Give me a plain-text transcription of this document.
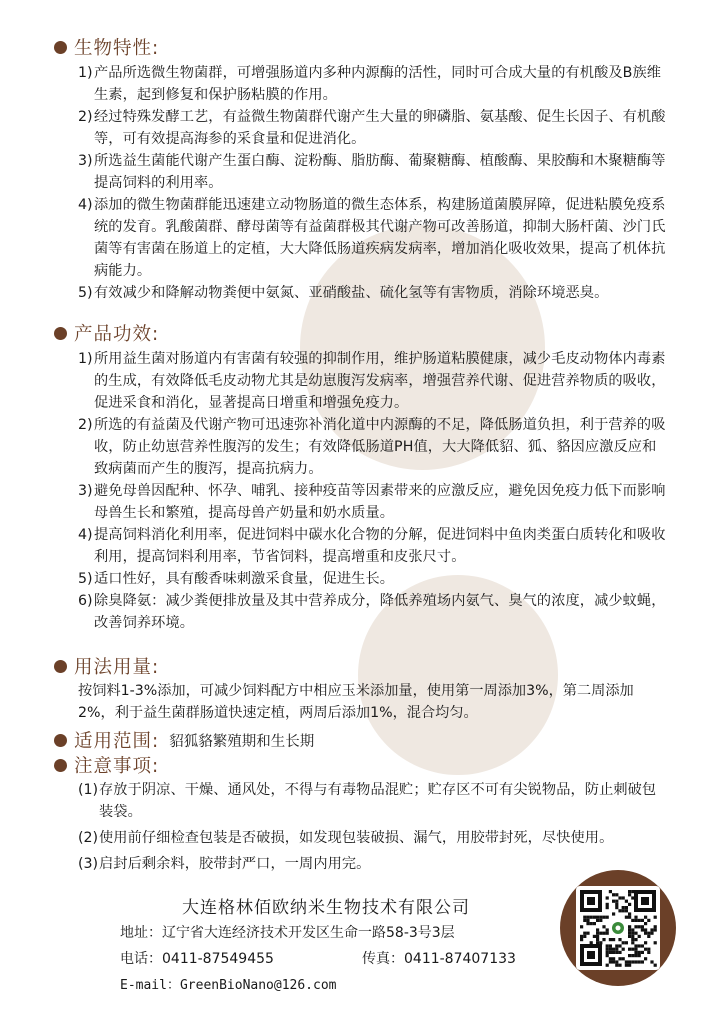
生物特性:
1) 产品所选微生物菌群，可增强肠道内多种内源酶的活性，同时可合成大量的有机酸及B族维生素，起到修复和保护肠粘膜的作用。
2) 经过特殊发酵工艺，有益微生物菌群代谢产生大量的卵磷脂、氨基酸、促生长因子、有机酸等，可有效提高海参的采食量和促进消化。
3) 所选益生菌能代谢产生蛋白酶、淀粉酶、脂肪酶、葡聚糖酶、植酸酶、果胶酶和木聚糖酶等提高饲料的利用率。
4) 添加的微生物菌群能迅速建立动物肠道的微生态体系，构建肠道菌膜屏障，促进粘膜免疫系统的发育。乳酸菌群、酵母菌等有益菌群极其代谢产物可改善肠道，抑制大肠杆菌、沙门氏菌等有害菌在肠道上的定植，大大降低肠道疾病发病率，增加消化吸收效果，提高了机体抗病能力。
5) 有效减少和降解动物粪便中氨氮、亚硝酸盐、硫化氢等有害物质，消除环境恶臭。
产品功效:
1) 所用益生菌对肠道内有害菌有较强的抑制作用，维护肠道粘膜健康，减少毛皮动物体内毒素的生成，有效降低毛皮动物尤其是幼崽腹泻发病率，增强营养代谢、促进营养物质的吸收，促进采食和消化，显著提高日增重和增强免疫力。
2) 所选的有益菌及代谢产物可迅速弥补消化道中内源酶的不足，降低肠道负担，利于营养的吸收，防止幼崽营养性腹泻的发生；有效降低肠道PH值，大大降低貂、狐、貉因应激反应和致病菌而产生的腹泻，提高抗病力。
3) 避免母兽因配种、怀孕、哺乳、接种疫苗等因素带来的应激反应，避免因免疫力低下而影响母兽生长和繁殖，提高母兽产奶量和奶水质量。
4) 提高饲料消化利用率，促进饲料中碳水化合物的分解，促进饲料中鱼肉类蛋白质转化和吸收利用，提高饲料利用率，节省饲料，提高增重和皮张尺寸。
5) 适口性好，具有酸香味刺激采食量，促进生长。
6) 除臭降氨：减少粪便排放量及其中营养成分，降低养殖场内氨气、臭气的浓度，减少蚊蝇，改善饲养环境。
用法用量:
按饲料1-3%添加，可减少饲料配方中相应玉米添加量，使用第一周添加3%，第二周添加2%，利于益生菌群肠道快速定植，两周后添加1%，混合均匀。
适用范围: 貂狐貉繁殖期和生长期
注意事项:
(1) 存放于阴凉、干燥、通风处，不得与有毒物品混贮；贮存区不可有尖锐物品，防止刺破包装袋。
(2) 使用前仔细检查包装是否破损，如发现包装破损、漏气，用胶带封死，尽快使用。
(3) 启封后剩余料，胶带封严口，一周内用完。
大连格林佰欧纳米生物技术有限公司
地址：辽宁省大连经济技术开发区生命一路58-3号3层
电话：0411-87549455	传真：0411-87407133
E-mail：GreenBioNano@126.com
